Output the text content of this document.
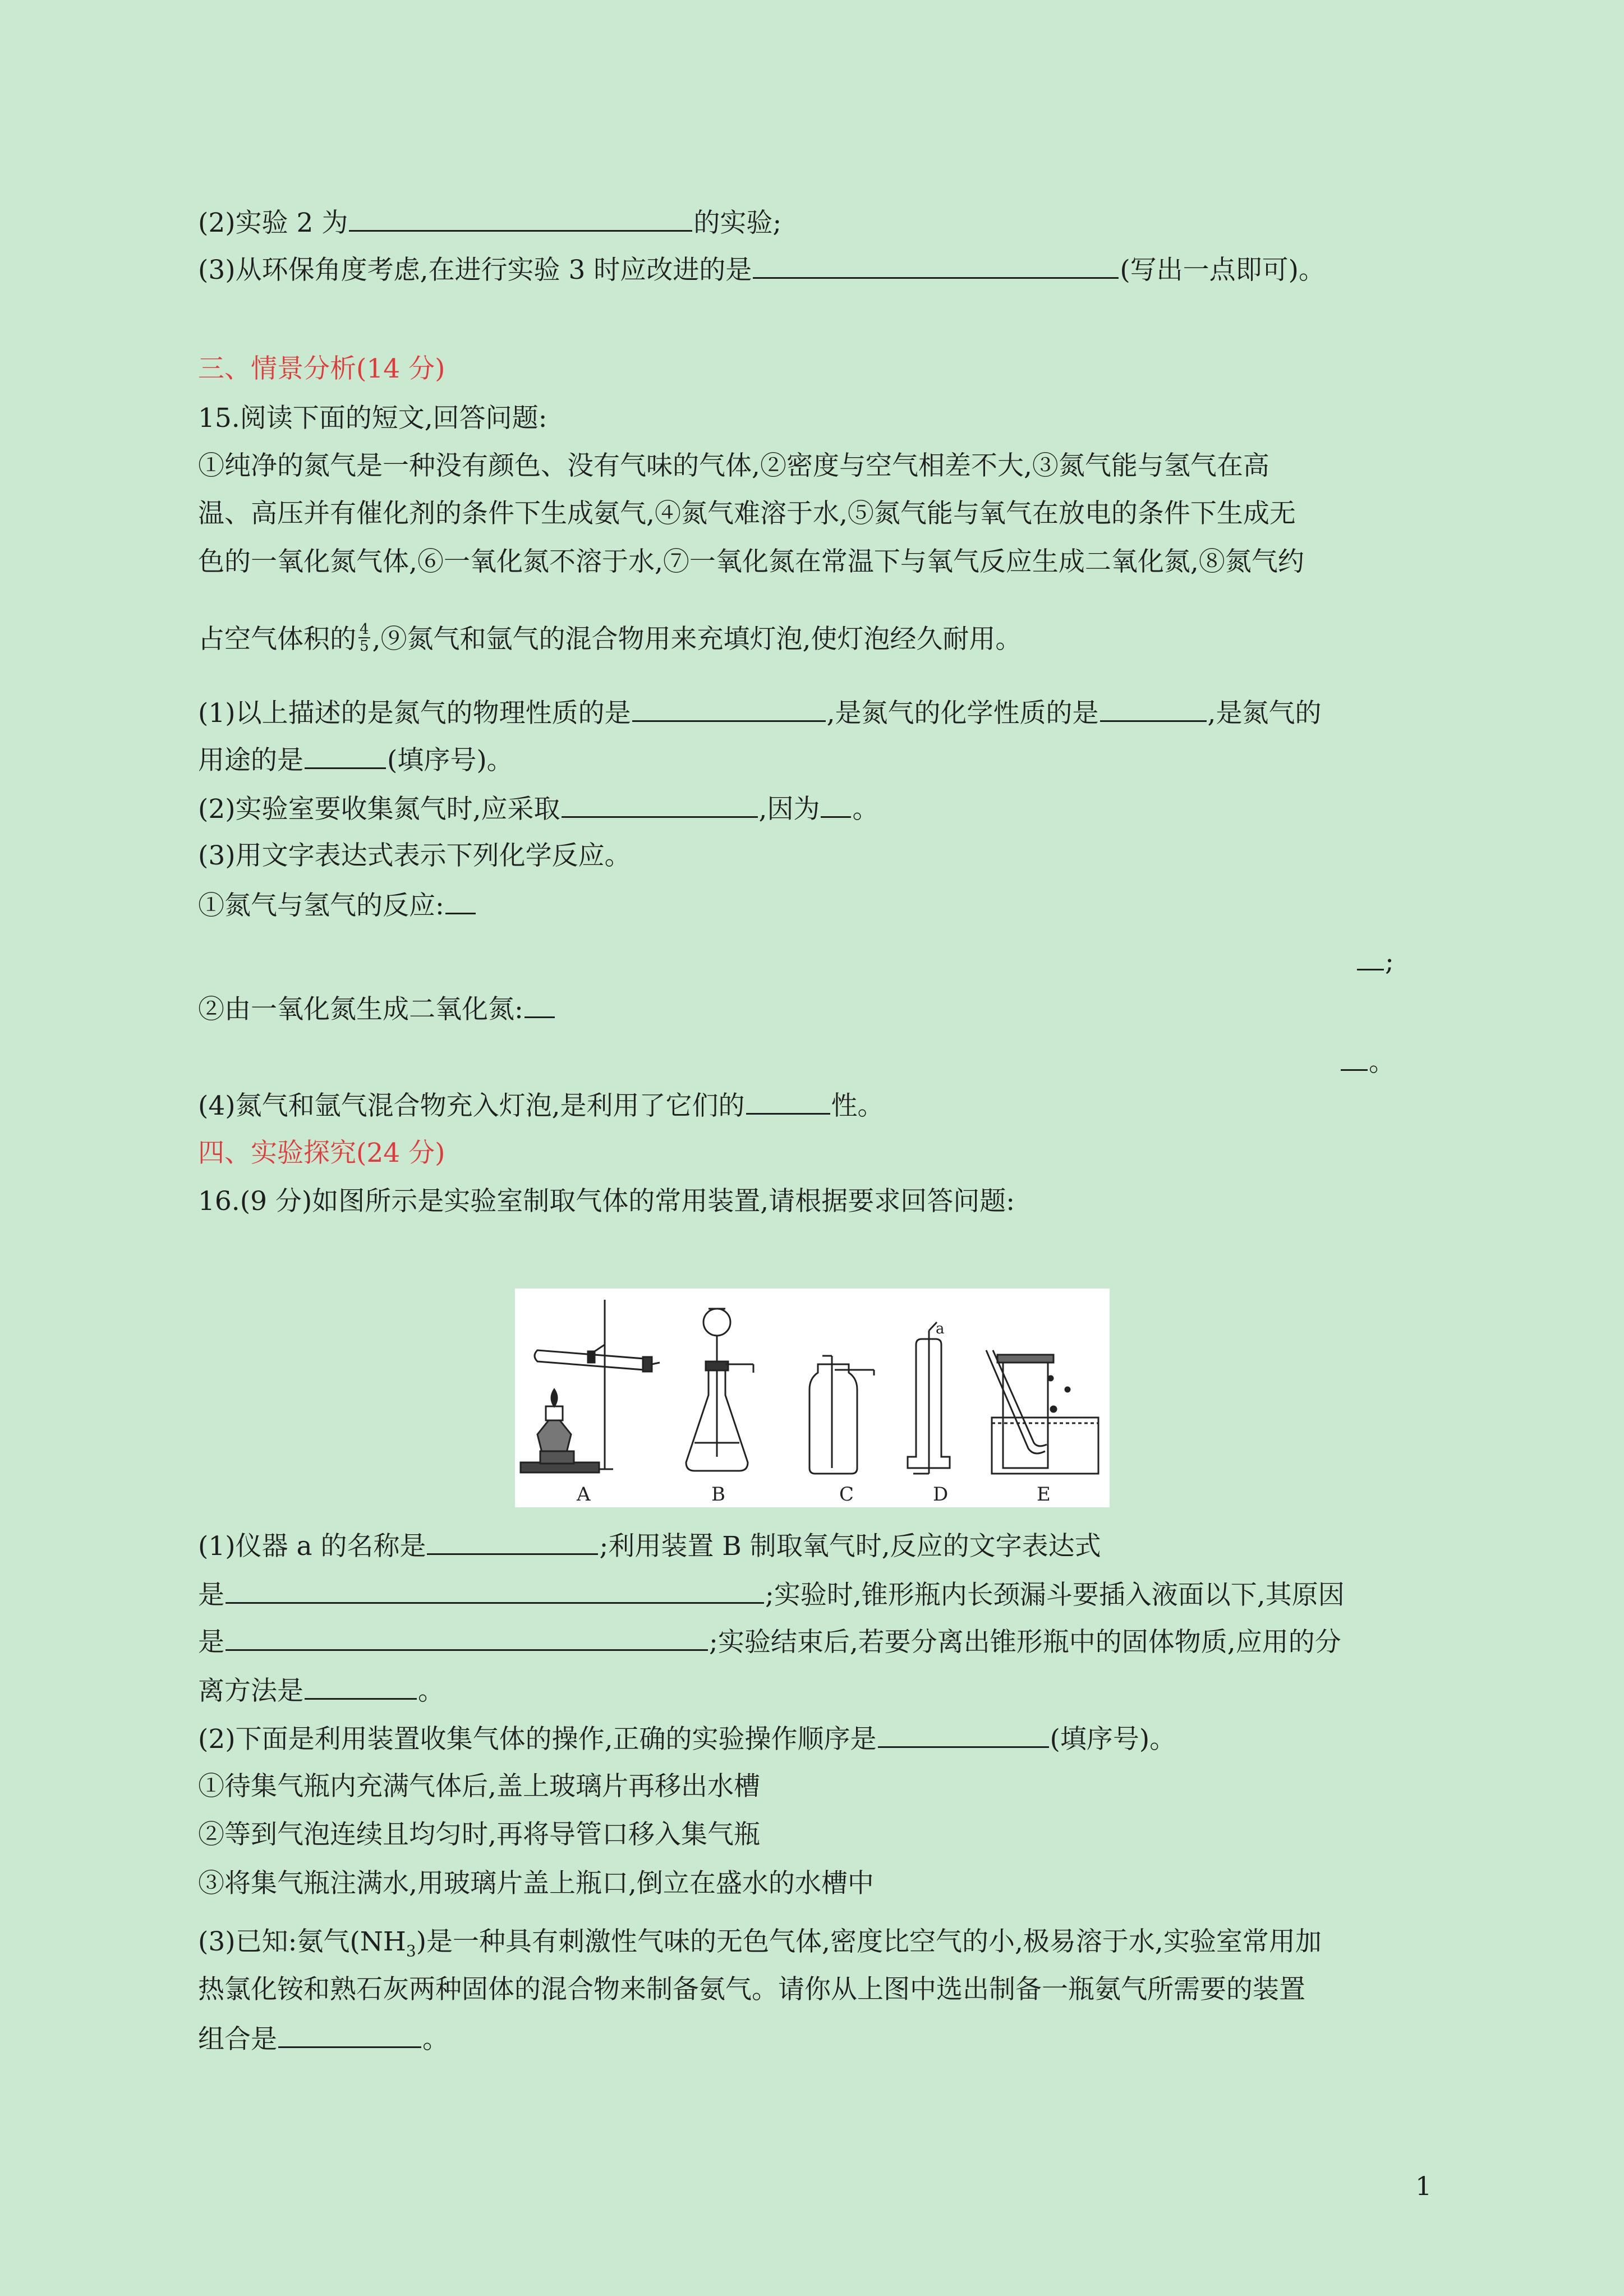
(2)实验 2 为	的实验;
(3)从环保角度考虑,在进行实验 3 时应改进的是	(写出一点即可)。
三、情景分析(14 分)
15.阅读下面的短文,回答问题:
①纯净的氮气是一种没有颜色、没有气味的气体,②密度与空气相差不大,③氮气能与氢气在高
温、高压并有催化剂的条件下生成氨气,④氮气难溶于水,⑤氮气能与氧气在放电的条件下生成无
色的一氧化氮气体,⑥一氧化氮不溶于水,⑦一氧化氮在常温下与氧气反应生成二氧化氮,⑧氮气约
占空气体积的 $\frac{4}{5}$ ,⑨氮气和氩气的混合物用来充填灯泡,使灯泡经久耐用。
(1)以上描述的是氮气的物理性质的是	,是氮气的化学性质的是	,是氮气的
用途的是	(填序号)。
(2)实验室要收集氮气时,应采取	,因为 。
(3)用文字表达式表示下列化学反应。
①氮气与氢气的反应:
;
②由一氧化氮生成二氧化氮:
。
(4)氮气和氩气混合物充入灯泡,是利用了它们的	性。
四、实验探究(24 分)
16.(9 分)如图所示是实验室制取气体的常用装置,请根据要求回答问题:
a
A	B	C	D	E
(1)仪器 a 的名称是	;利用装置 B 制取氧气时,反应的文字表达式
是	;实验时,锥形瓶内长颈漏斗要插入液面以下,其原因
是	;实验结束后,若要分离出锥形瓶中的固体物质,应用的分
离方法是	。
(2)下面是利用装置收集气体的操作,正确的实验操作顺序是	(填序号)。
①待集气瓶内充满气体后,盖上玻璃片再移出水槽
②等到气泡连续且均匀时,再将导管口移入集气瓶
③将集气瓶注满水,用玻璃片盖上瓶口,倒立在盛水的水槽中
(3)已知:氨气$(NH_3)$是一种具有刺激性气味的无色气体,密度比空气的小,极易溶于水,实验室常用加
热氯化铵和熟石灰两种固体的混合物来制备氨气。请你从上图中选出制备一瓶氨气所需要的装置
组合是	。
1
